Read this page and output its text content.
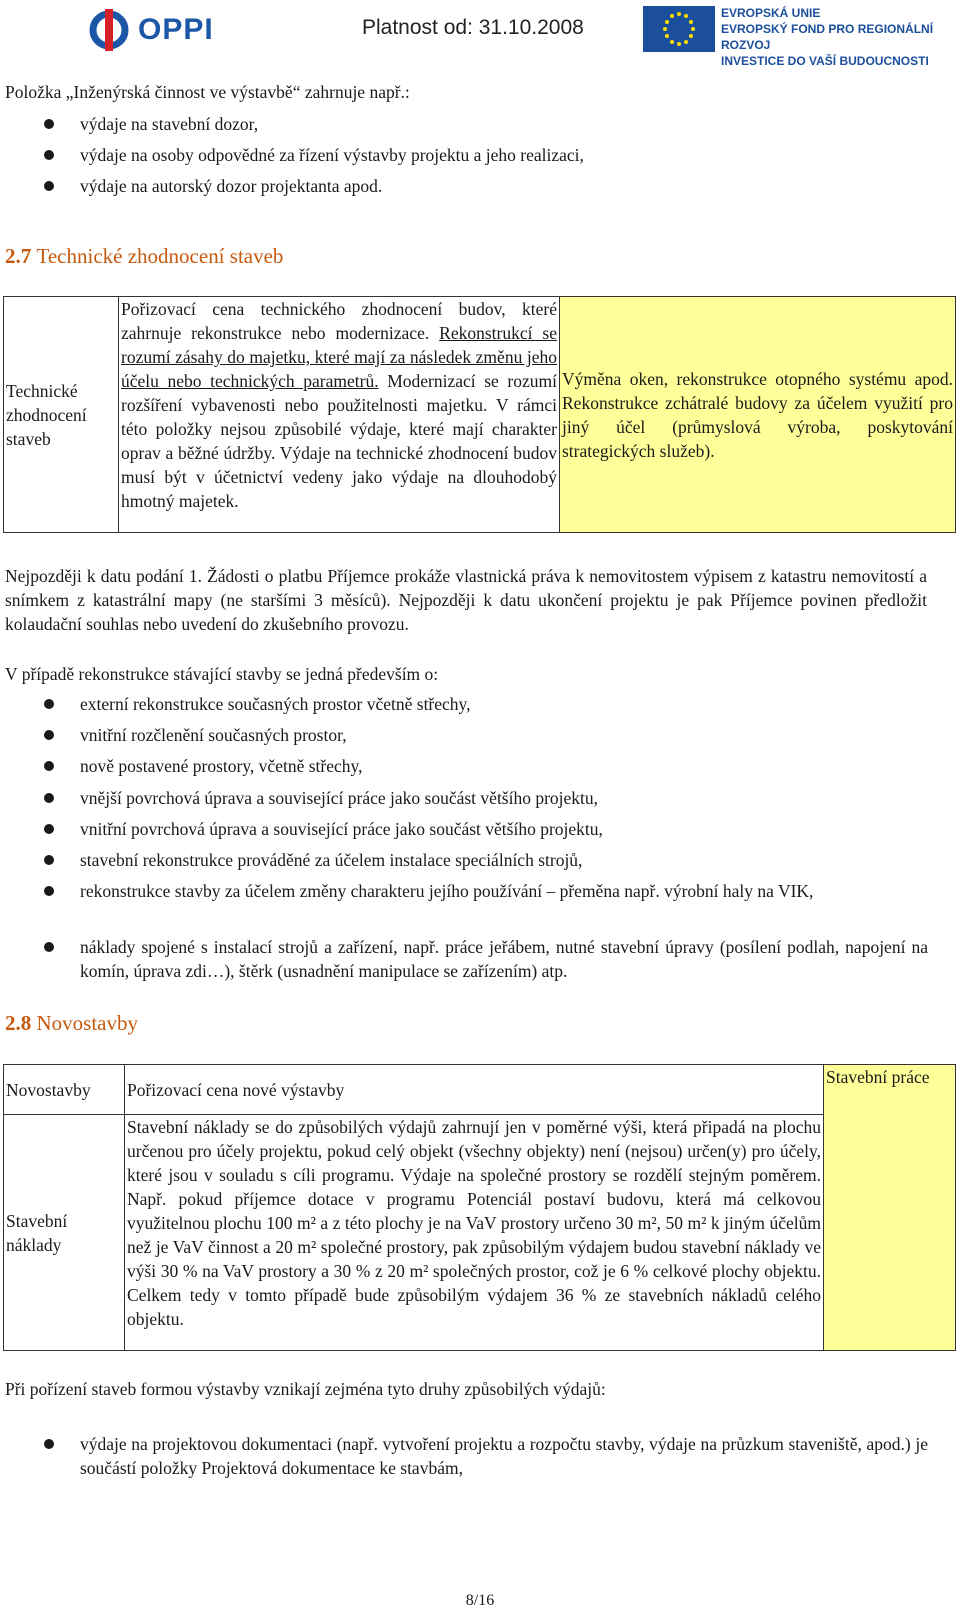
OPPI	Platnost od: 31.10.2008
EVROPSKÁ UNIE
EVROPSKÝ FOND PRO REGIONÁLNÍ ROZVOJ
INVESTICE DO VAŠÍ BUDOUCNOSTI
Položka „Inženýrská činnost ve výstavbě“ zahrnuje např.:
výdaje na stavební dozor,
výdaje na osoby odpovědné za řízení výstavby projektu a jeho realizaci,
výdaje na autorský dozor projektanta apod.
2.7 Technické zhodnocení staveb
Technické zhodnocení staveb	Pořizovací cena technického zhodnocení budov, které zahrnuje rekonstrukce nebo modernizace. Rekonstrukcí se rozumí zásahy do majetku, které mají za následek změnu jeho účelu nebo technických parametrů. Modernizací se rozumí rozšíření vybavenosti nebo použitelnosti majetku. V rámci této položky nejsou způsobilé výdaje, které mají charakter oprav a běžné údržby. Výdaje na technické zhodnocení budov musí být v účetnictví vedeny jako výdaje na dlouhodobý hmotný majetek.	Výměna oken, rekonstrukce otopného systému apod. Rekonstrukce zchátralé budovy za účelem využití pro jiný účel (průmyslová výroba, poskytování strategických služeb).
Nejpozději k datu podání 1. Žádosti o platbu Příjemce prokáže vlastnická práva k nemovitostem výpisem z katastru nemovitostí a snímkem z katastrální mapy (ne staršími 3 měsíců). Nejpozději k datu ukončení projektu je pak Příjemce povinen předložit kolaudační souhlas nebo uvedení do zkušebního provozu.
V případě rekonstrukce stávající stavby se jedná především o:
externí rekonstrukce současných prostor včetně střechy,
vnitřní rozčlenění současných prostor,
nově postavené prostory, včetně střechy,
vnější povrchová úprava a související práce jako součást většího projektu,
vnitřní povrchová úprava a související práce jako součást většího projektu,
stavební rekonstrukce prováděné za účelem instalace speciálních strojů,
rekonstrukce stavby za účelem změny charakteru jejího používání – přeměna např. výrobní haly na VIK,
náklady spojené s instalací strojů a zařízení, např. práce jeřábem, nutné stavební úpravy (posílení podlah, napojení na komín, úprava zdi…), štěrk (usnadnění manipulace se zařízením) atp.
2.8 Novostavby
Novostavby	Pořizovací cena nové výstavby	Stavební práce
Stavební náklady	Stavební náklady se do způsobilých výdajů zahrnují jen v poměrné výši, která připadá na plochu určenou pro účely projektu, pokud celý objekt (všechny objekty) není (nejsou) určen(y) pro účely, které jsou v souladu s cíli programu. Výdaje na společné prostory se rozdělí stejným poměrem. Např. pokud příjemce dotace v programu Potenciál postaví budovu, která má celkovou využitelnou plochu 100 m² a z této plochy je na VaV prostory určeno 30 m², 50 m² k jiným účelům než je VaV činnost a 20 m² společné prostory, pak způsobilým výdajem budou stavební náklady ve výši 30 % na VaV prostory a 30 % z 20 m² společných prostor, což je 6 % celkové plochy objektu. Celkem tedy v tomto případě bude způsobilým výdajem 36 % ze stavebních nákladů celého objektu.	
Při pořízení staveb formou výstavby vznikají zejména tyto druhy způsobilých výdajů:
výdaje na projektovou dokumentaci (např. vytvoření projektu a rozpočtu stavby, výdaje na průzkum staveniště, apod.) je součástí položky Projektová dokumentace ke stavbám,
8/16
